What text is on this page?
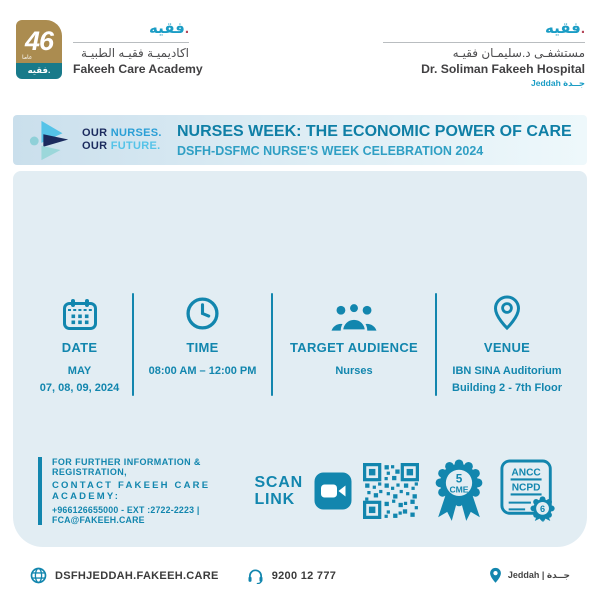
46
عاما
فقيه.
فقيه.
اكاديميـة فقيـه الطبيـة
Fakeeh Care Academy
فقيه.
مستشفـى د.سليمـان فقيـه
Dr. Soliman Fakeeh Hospital
Jeddah جــدة
OUR NURSES.
OUR FUTURE.
NURSES WEEK: THE ECONOMIC POWER OF CARE
DSFH-DSFMC NURSE'S WEEK CELEBRATION 2024
DATE
MAY
07, 08, 09, 2024
TIME
08:00 AM – 12:00 PM
TARGET AUDIENCE
Nurses
VENUE
IBN SINA Auditorium
Building 2 - 7th Floor
FOR FURTHER INFORMATION & REGISTRATION,
CONTACT FAKEEH CARE ACADEMY:
+966126655000 - EXT :2722-2223 | FCA@FAKEEH.CARE
SCAN
LINK
5
CME
ANCC
NCPD
6
DSFHJEDDAH.FAKEEH.CARE	9200 12 777	Jeddah | جــدة
